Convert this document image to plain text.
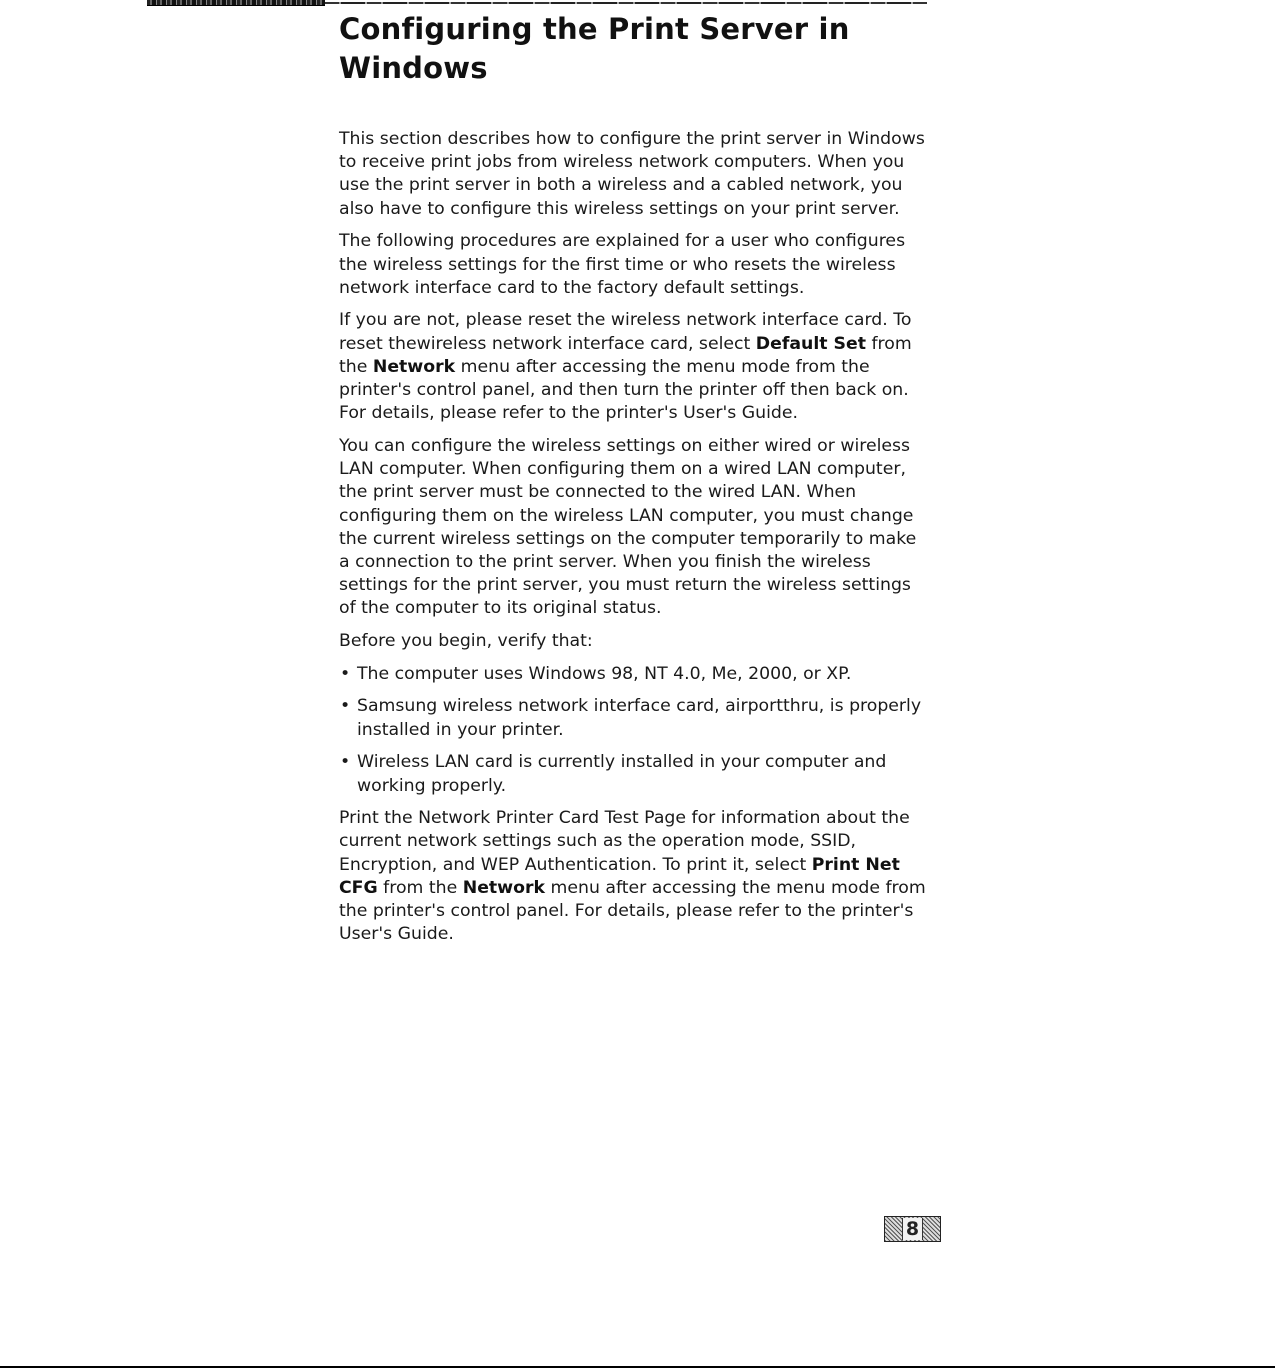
Configuring the Print Server in Windows

This section describes how to configure the print server in Windows to receive print jobs from wireless network computers. When you use the print server in both a wireless and a cabled network, you also have to configure this wireless settings on your print server.

The following procedures are explained for a user who configures the wireless settings for the first time or who resets the wireless network interface card to the factory default settings.

If you are not, please reset the wireless network interface card. To reset thewireless network interface card, select Default Set from the Network menu after accessing the menu mode from the printer's control panel, and then turn the printer off then back on. For details, please refer to the printer's User's Guide.

You can configure the wireless settings on either wired or wireless LAN computer. When configuring them on a wired LAN computer, the print server must be connected to the wired LAN. When configuring them on the wireless LAN computer, you must change the current wireless settings on the computer temporarily to make a connection to the print server. When you finish the wireless settings for the print server, you must return the wireless settings of the computer to its original status.

Before you begin, verify that:

• The computer uses Windows 98, NT 4.0, Me, 2000, or XP.
• Samsung wireless network interface card, airportthru, is properly installed in your printer.
• Wireless LAN card is currently installed in your computer and working properly.

Print the Network Printer Card Test Page for information about the current network settings such as the operation mode, SSID, Encryption, and WEP Authentication. To print it, select Print Net CFG from the Network menu after accessing the menu mode from the printer's control panel. For details, please refer to the printer's User's Guide.

8
